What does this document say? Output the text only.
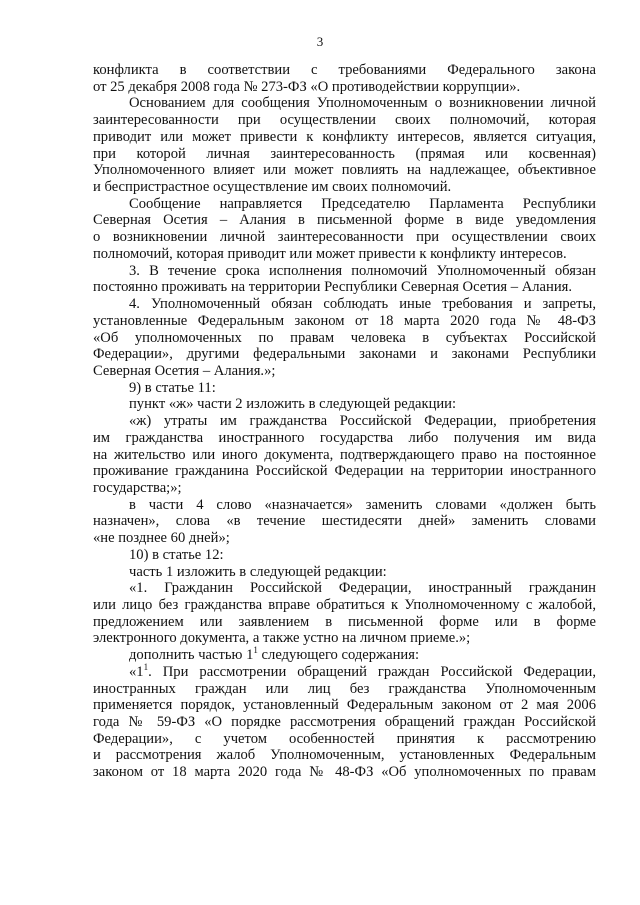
3
конфликта в соответствии с требованиями Федерального закона
от 25 декабря 2008 года № 273-ФЗ «О противодействии коррупции».
Основанием для сообщения Уполномоченным о возникновении личной
заинтересованности при осуществлении своих полномочий, которая
приводит или может привести к конфликту интересов, является ситуация,
при которой личная заинтересованность (прямая или косвенная)
Уполномоченного влияет или может повлиять на надлежащее, объективное
и беспристрастное осуществление им своих полномочий.
Сообщение направляется Председателю Парламента Республики
Северная Осетия – Алания в письменной форме в виде уведомления
о возникновении личной заинтересованности при осуществлении своих
полномочий, которая приводит или может привести к конфликту интересов.
3. В течение срока исполнения полномочий Уполномоченный обязан
постоянно проживать на территории Республики Северная Осетия – Алания.
4. Уполномоченный обязан соблюдать иные требования и запреты,
установленные Федеральным законом от 18 марта 2020 года № 48-ФЗ
«Об уполномоченных по правам человека в субъектах Российской
Федерации», другими федеральными законами и законами Республики
Северная Осетия – Алания.»;
9) в статье 11:
пункт «ж» части 2 изложить в следующей редакции:
«ж) утраты им гражданства Российской Федерации, приобретения
им гражданства иностранного государства либо получения им вида
на жительство или иного документа, подтверждающего право на постоянное
проживание гражданина Российской Федерации на территории иностранного
государства;»;
в части 4 слово «назначается» заменить словами «должен быть
назначен», слова «в течение шестидесяти дней» заменить словами
«не позднее 60 дней»;
10) в статье 12:
часть 1 изложить в следующей редакции:
«1. Гражданин Российской Федерации, иностранный гражданин
или лицо без гражданства вправе обратиться к Уполномоченному с жалобой,
предложением или заявлением в письменной форме или в форме
электронного документа, а также устно на личном приеме.»;
дополнить частью $1^1$ следующего содержания:
«$1^1$. При рассмотрении обращений граждан Российской Федерации,
иностранных граждан или лиц без гражданства Уполномоченным
применяется порядок, установленный Федеральным законом от 2 мая 2006
года № 59-ФЗ «О порядке рассмотрения обращений граждан Российской
Федерации», с учетом особенностей принятия к рассмотрению
и рассмотрения жалоб Уполномоченным, установленных Федеральным
законом от 18 марта 2020 года № 48-ФЗ «Об уполномоченных по правам
